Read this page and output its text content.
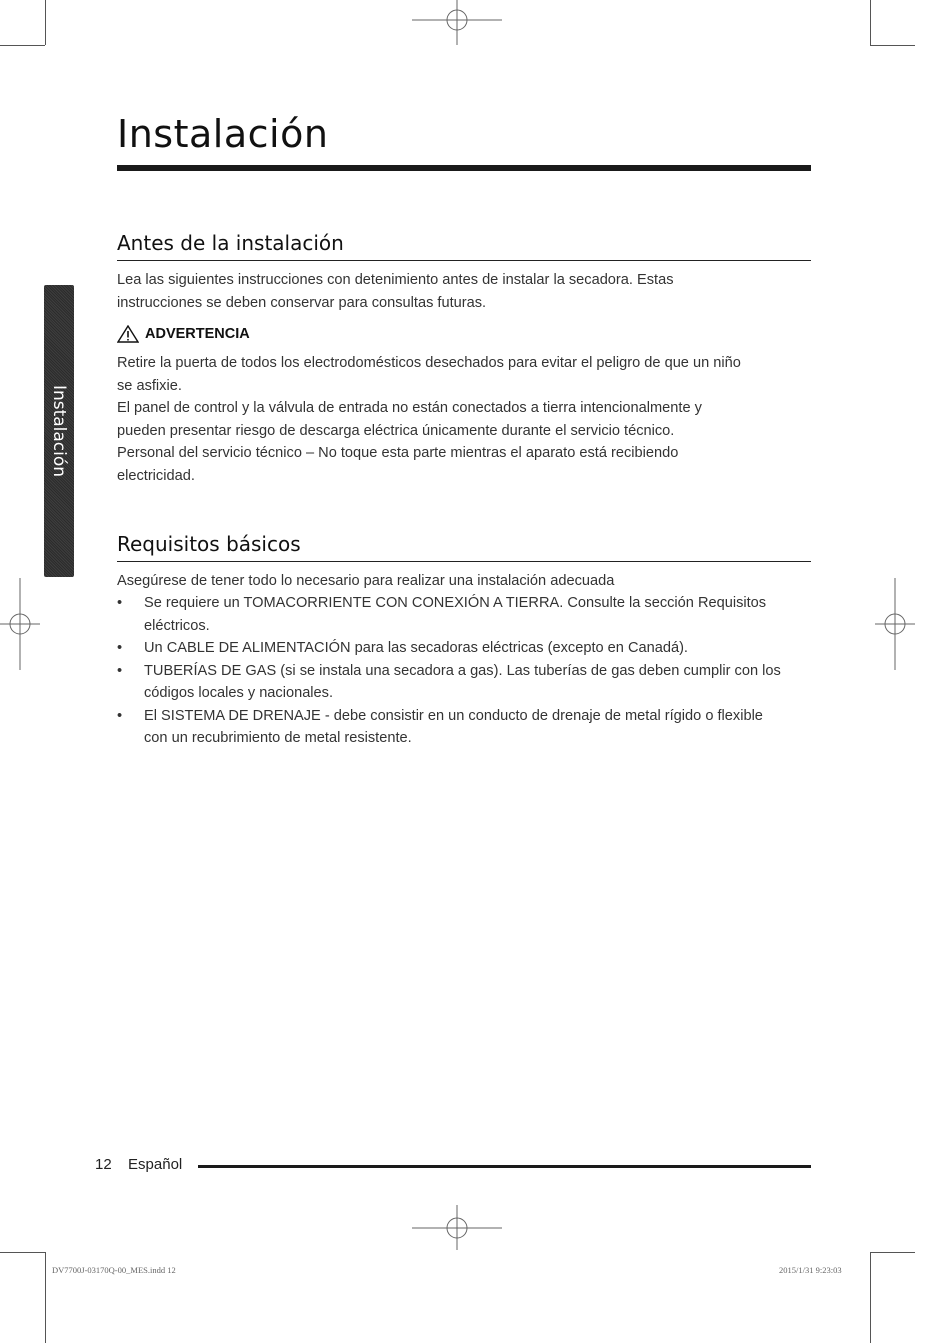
Instalación
Instalación
Antes de la instalación
Lea las siguientes instrucciones con detenimiento antes de instalar la secadora. Estas
instrucciones se deben conservar para consultas futuras.
ADVERTENCIA
Retire la puerta de todos los electrodomésticos desechados para evitar el peligro de que un niño
se asfixie.
El panel de control y la válvula de entrada no están conectados a tierra intencionalmente y
pueden presentar riesgo de descarga eléctrica únicamente durante el servicio técnico.
Personal del servicio técnico – No toque esta parte mientras el aparato está recibiendo
electricidad.
Requisitos básicos
Asegúrese de tener todo lo necesario para realizar una instalación adecuada
•	Se requiere un TOMACORRIENTE CON CONEXIÓN A TIERRA. Consulte la sección Requisitos
eléctricos.
•	Un CABLE DE ALIMENTACIÓN para las secadoras eléctricas (excepto en Canadá).
•	TUBERÍAS DE GAS (si se instala una secadora a gas). Las tuberías de gas deben cumplir con los
códigos locales y nacionales.
•	El SISTEMA DE DRENAJE - debe consistir en un conducto de drenaje de metal rígido o flexible
con un recubrimiento de metal resistente.
12 Español
DV7700J-03170Q-00_MES.indd 12	2015/1/31 9:23:03
